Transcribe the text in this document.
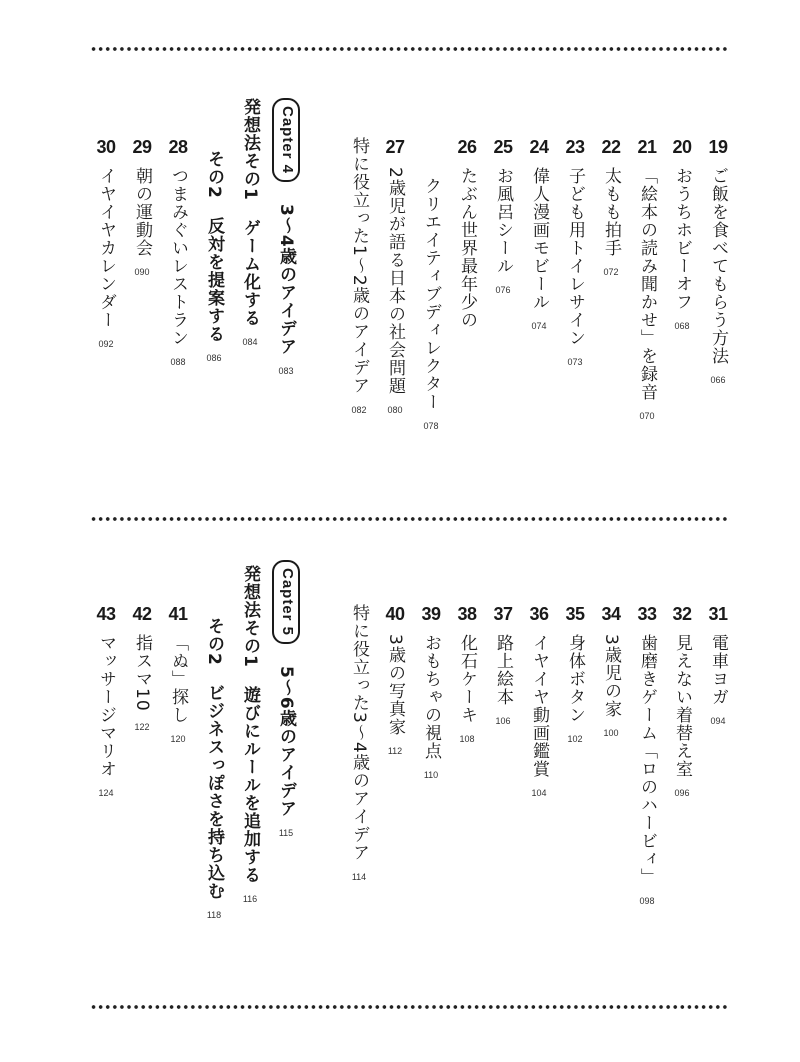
19
ご飯を食べてもらう方法
066
20
おうちホビーオフ
068
21
「絵本の読み聞かせ」を録音
070
22
太もも拍手
072
23
子ども用トイレサイン
073
24
偉人漫画モビール
074
25
お風呂シール
076
26
たぶん世界最年少の
クリエイティブディレクター
078
27
2歳児が語る日本の社会問題
080
特に役立った1～2歳のアイデア
082
Capter 4
3～4歳のアイデア
083
発想法その1　ゲーム化する
084
その2　反対を提案する
086
28
つまみぐいレストラン
088
29
朝の運動会
090
30
イヤイヤカレンダー
092
31
電車ヨガ
094
32
見えない着替え室
096
33
歯磨きゲーム「ロのハービィ」
098
34
3歳児の家
100
35
身体ボタン
102
36
イヤイヤ動画鑑賞
104
37
路上絵本
106
38
化石ケーキ
108
39
おもちゃの視点
110
40
3歳の写真家
112
特に役立った3～4歳のアイデア
114
Capter 5
5～6歳のアイデア
115
発想法その1　遊びにルールを追加する
116
その2　ビジネスっぽさを持ち込む
118
41
「ぬ」探し
120
42
指スマ10
122
43
マッサージマリオ
124
